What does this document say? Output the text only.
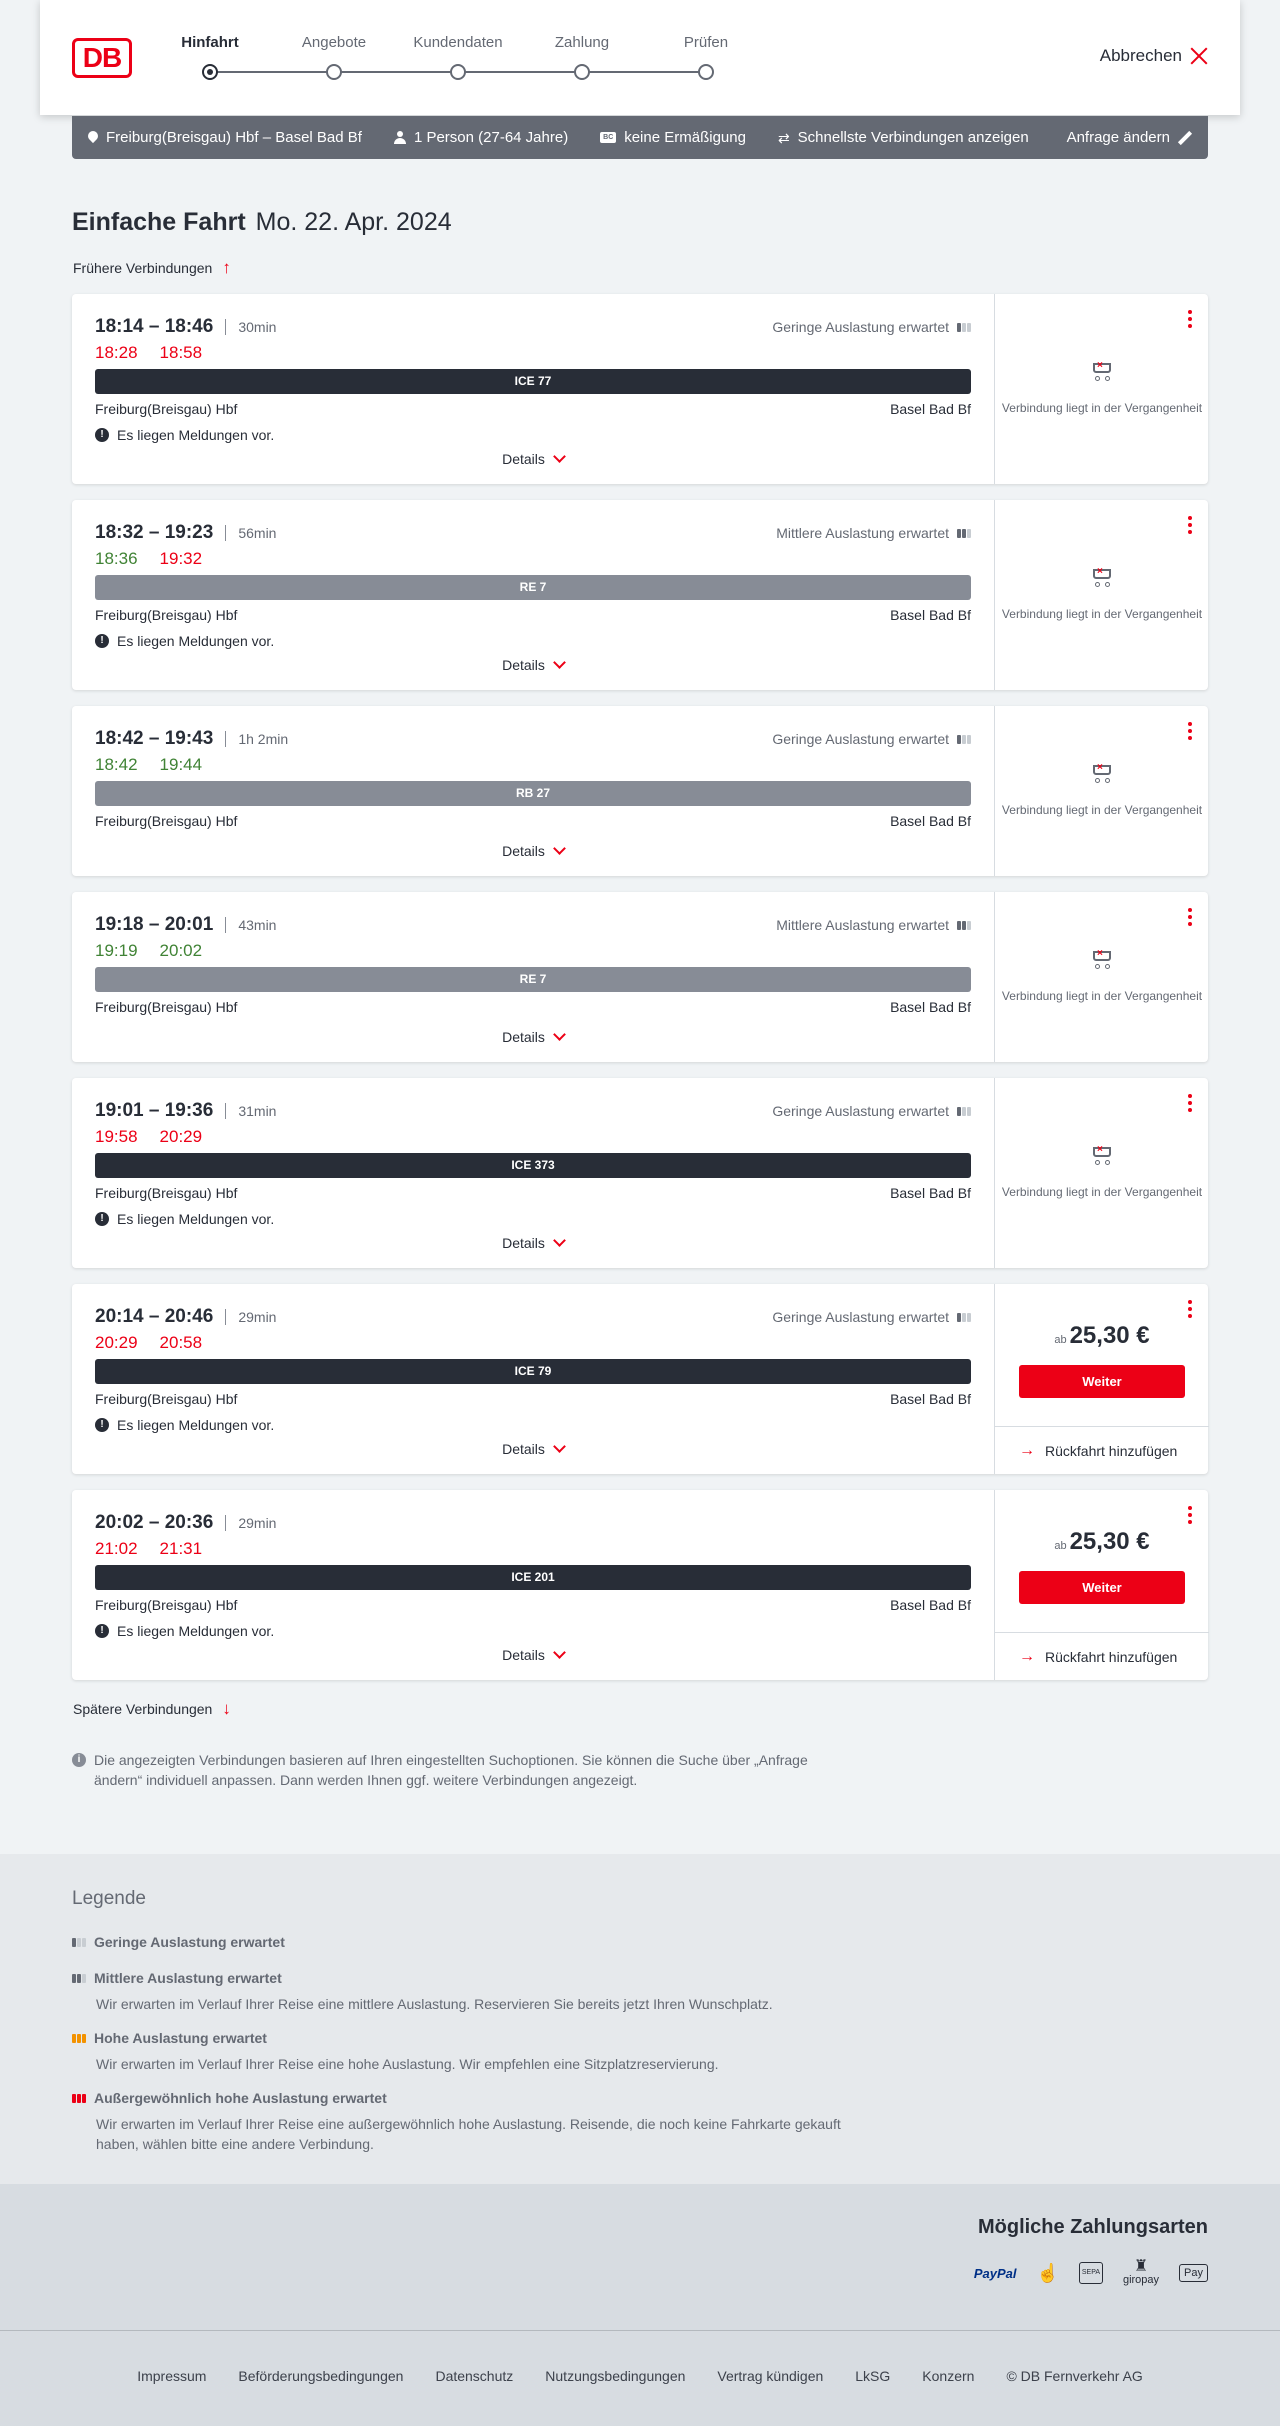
DB	Hinfahrt	Angebote	Kundendaten	Zahlung	Prüfen
Abbrechen
Freiburg(Breisgau) Hbf – Basel Bad Bf	1 Person (27-64 Jahre)	BC keine Ermäßigung ⇄ Schnellste Verbindungen anzeigen	Anfrage ändern
Einfache Fahrt Mo. 22. Apr. 2024
Frühere Verbindungen ↑
18:14 – 18:46 30min	Geringe Auslastung erwartet
18:28 18:58
ICE 77
Freiburg(Breisgau) Hbf	Basel Bad Bf
! Es liegen Meldungen vor.
Details
×
Verbindung liegt in der Vergangenheit
18:32 – 19:23 56min	Mittlere Auslastung erwartet
18:36 19:32
RE 7
Freiburg(Breisgau) Hbf	Basel Bad Bf
! Es liegen Meldungen vor.
Details
×
Verbindung liegt in der Vergangenheit
18:42 – 19:43 1h 2min	Geringe Auslastung erwartet
18:42 19:44
RB 27
Freiburg(Breisgau) Hbf	Basel Bad Bf
Details
×
Verbindung liegt in der Vergangenheit
19:18 – 20:01 43min	Mittlere Auslastung erwartet
19:19 20:02
RE 7
Freiburg(Breisgau) Hbf	Basel Bad Bf
Details
×
Verbindung liegt in der Vergangenheit
19:01 – 19:36 31min	Geringe Auslastung erwartet
19:58 20:29
ICE 373
Freiburg(Breisgau) Hbf	Basel Bad Bf
! Es liegen Meldungen vor.
Details
×
Verbindung liegt in der Vergangenheit
20:14 – 20:46 29min	Geringe Auslastung erwartet
20:29 20:58
ICE 79
Freiburg(Breisgau) Hbf	Basel Bad Bf
! Es liegen Meldungen vor.
Details
ab 25,30 €
Weiter
→ Rückfahrt hinzufügen
20:02 – 20:36 29min
21:02 21:31
ICE 201
Freiburg(Breisgau) Hbf	Basel Bad Bf
! Es liegen Meldungen vor.
Details
ab 25,30 €
Weiter
→ Rückfahrt hinzufügen
Spätere Verbindungen ↓
i Die angezeigten Verbindungen basieren auf Ihren eingestellten Suchoptionen. Sie können die Suche über „Anfrage ändern“ individuell anpassen. Dann werden Ihnen ggf. weitere Verbindungen angezeigt.
Legende
Geringe Auslastung erwartet
Mittlere Auslastung erwartet
Wir erwarten im Verlauf Ihrer Reise eine mittlere Auslastung. Reservieren Sie bereits jetzt Ihren Wunschplatz.
Hohe Auslastung erwartet
Wir erwarten im Verlauf Ihrer Reise eine hohe Auslastung. Wir empfehlen eine Sitzplatzreservierung.
Außergewöhnlich hohe Auslastung erwartet
Wir erwarten im Verlauf Ihrer Reise eine außergewöhnlich hohe Auslastung. Reisende, die noch keine Fahrkarte gekauft haben, wählen bitte eine andere Verbindung.
Mögliche Zahlungsarten
PayPal ☝	SEPA	♜
giropay
Pay
Impressum Beförderungsbedingungen Datenschutz Nutzungsbedingungen Vertrag kündigen LkSG Konzern © DB Fernverkehr AG
